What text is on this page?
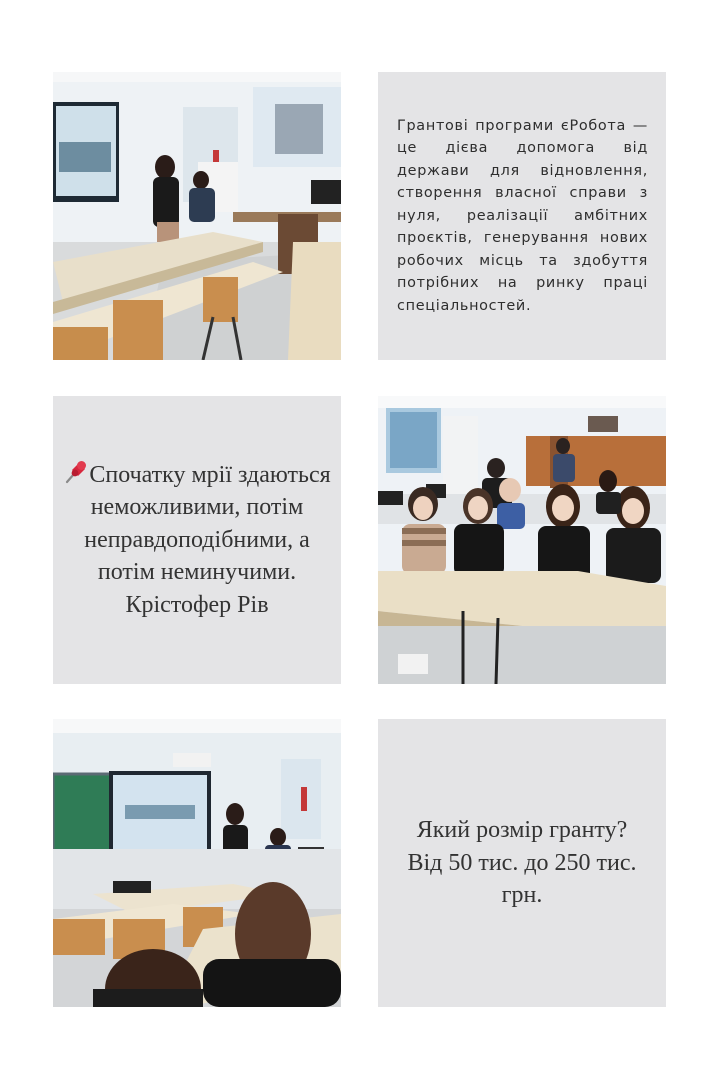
Грантові програми єРобота — це дієва допомога від держави для відновлення, створення власної справи з нуля, реалізації амбітних проєктів, генерування нових робочих місць та здобуття потрібних на ринку праці спеціальностей.
Спочатку мрії здаються неможливими, потім неправдоподібними, а потім неминучими.
Крістофер Рів
Який розмір гранту?
Від 50 тис. до 250 тис. грн.
